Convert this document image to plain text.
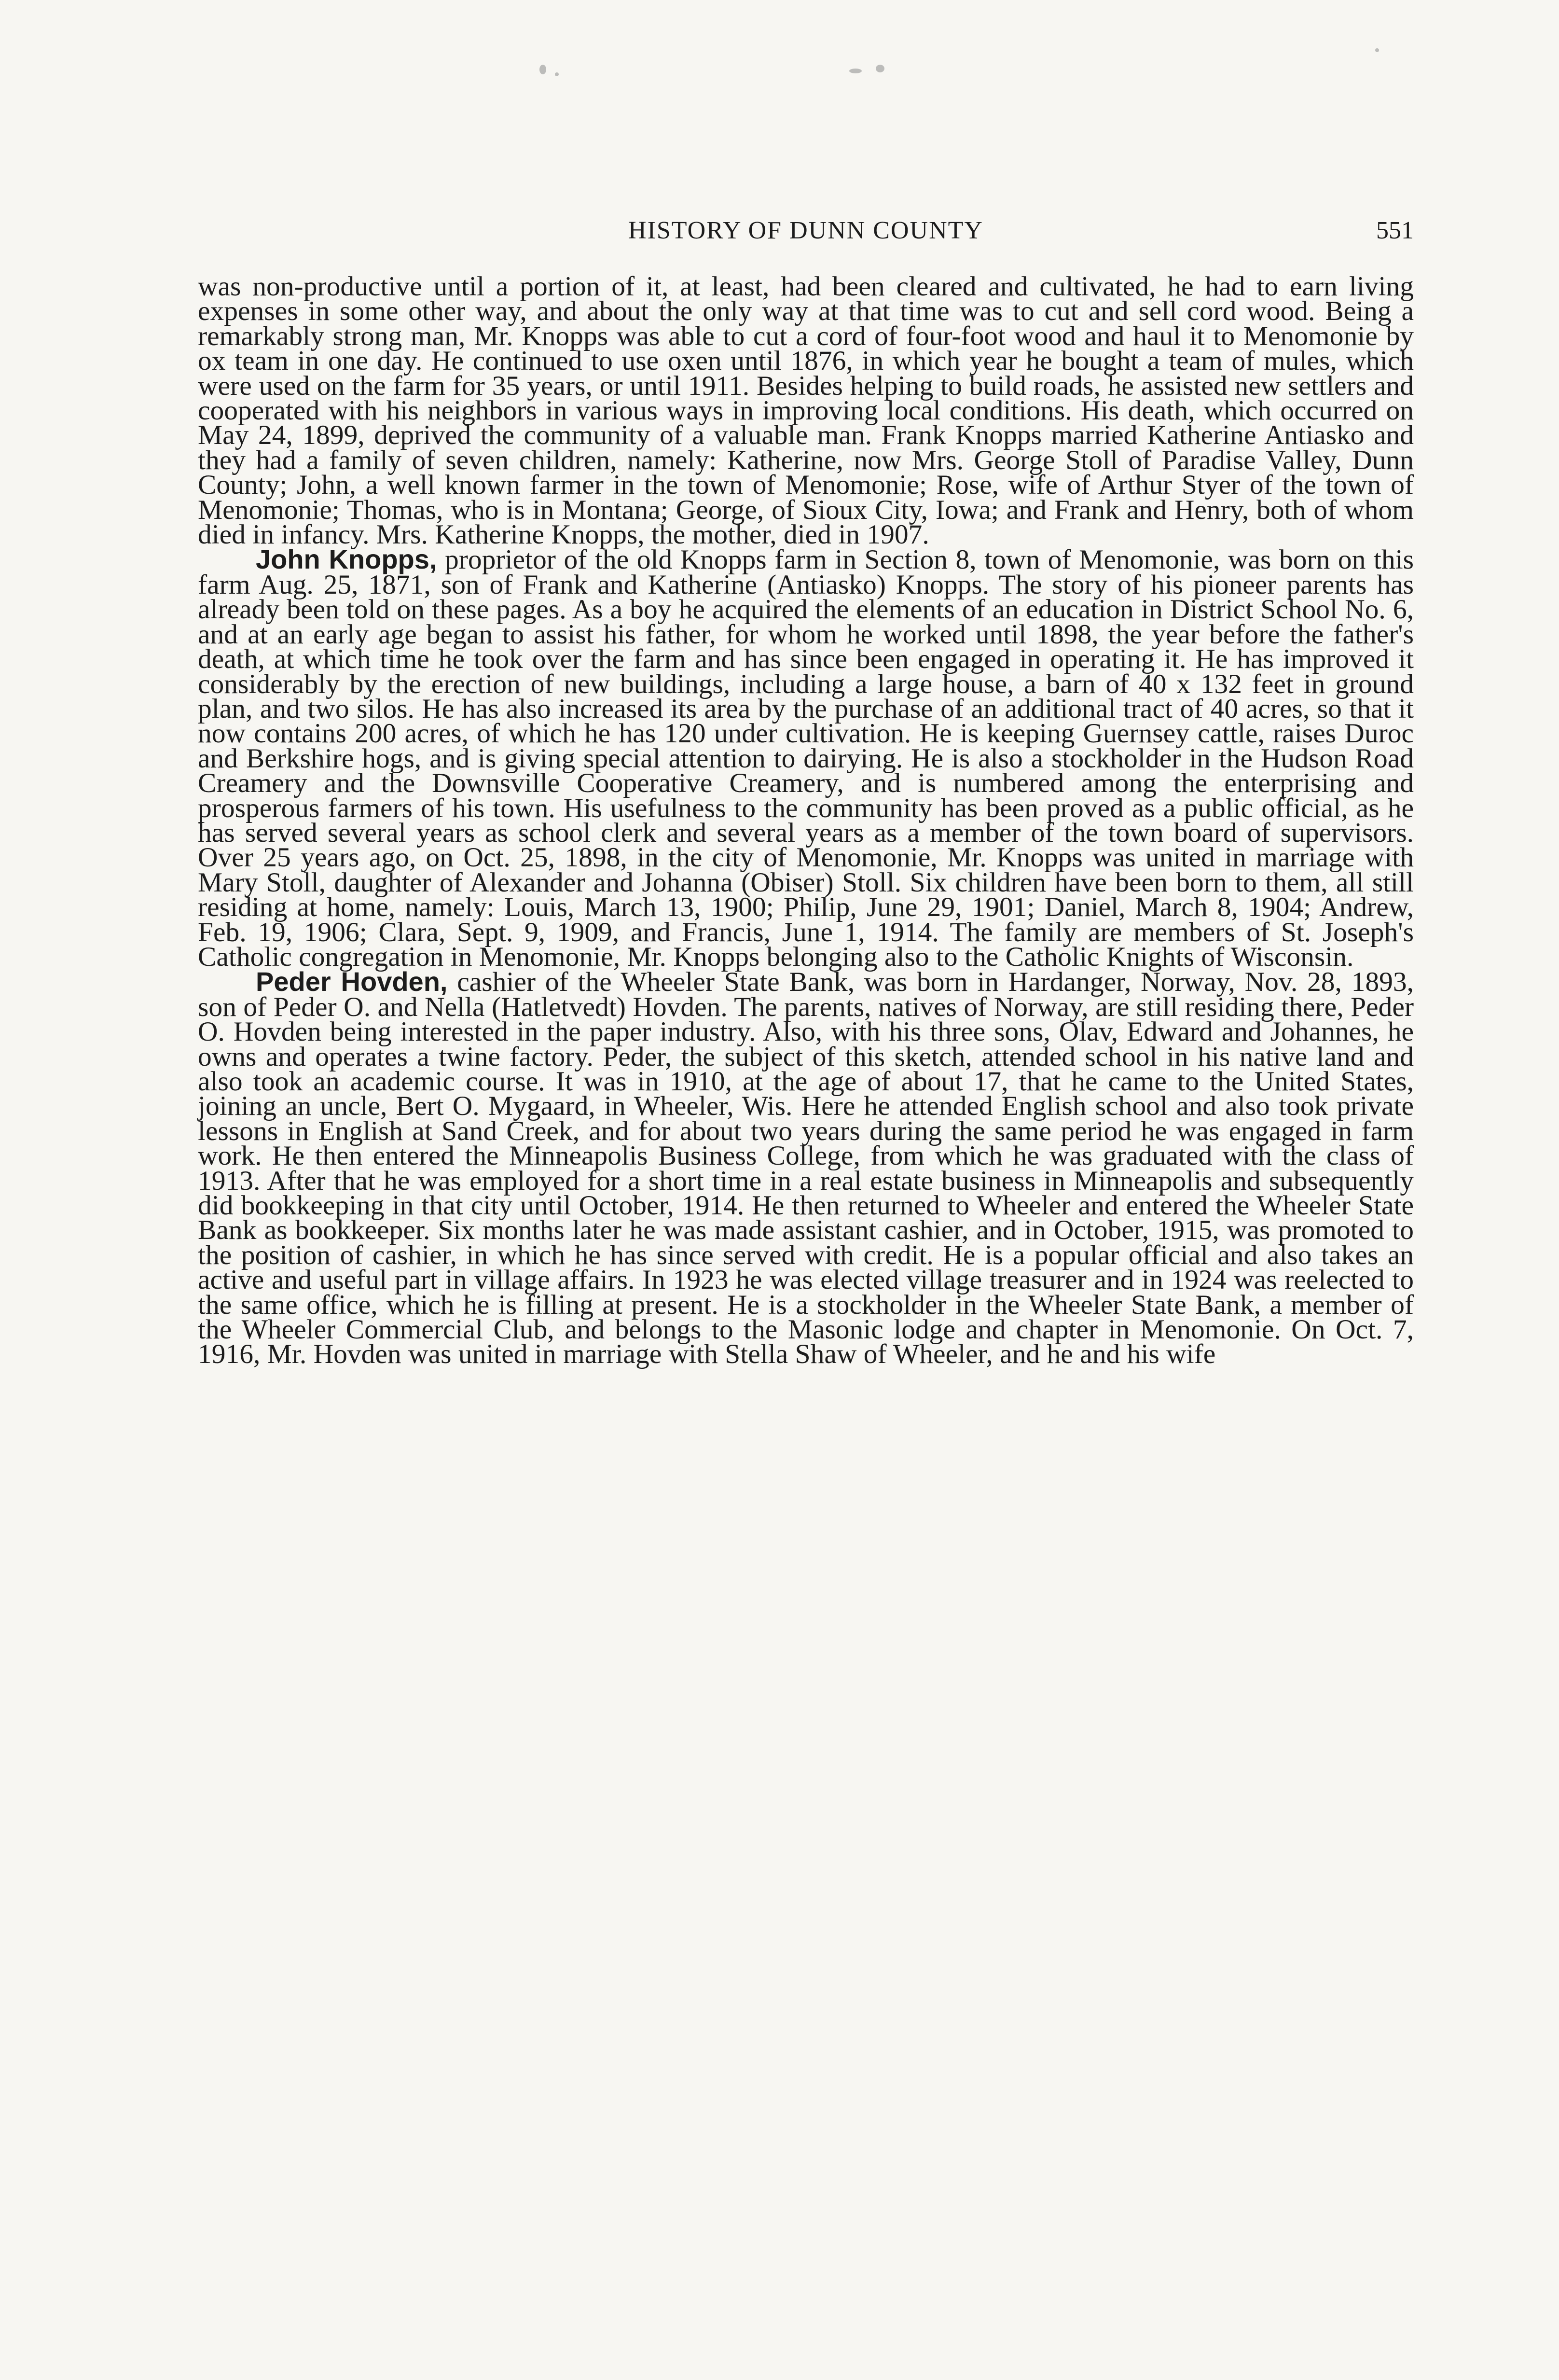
HISTORY OF DUNN COUNTY	551

was non-productive until a portion of it, at least, had been cleared and cultivated, he had to earn living expenses in some other way, and about the only way at that time was to cut and sell cord wood. Being a remarkably strong man, Mr. Knopps was able to cut a cord of four-foot wood and haul it to Menomonie by ox team in one day. He continued to use oxen until 1876, in which year he bought a team of mules, which were used on the farm for 35 years, or until 1911. Besides helping to build roads, he assisted new settlers and cooperated with his neighbors in various ways in improving local conditions. His death, which occurred on May 24, 1899, deprived the community of a valuable man. Frank Knopps married Katherine Antiasko and they had a family of seven children, namely: Katherine, now Mrs. George Stoll of Paradise Valley, Dunn County; John, a well known farmer in the town of Menomonie; Rose, wife of Arthur Styer of the town of Menomonie; Thomas, who is in Montana; George, of Sioux City, Iowa; and Frank and Henry, both of whom died in infancy. Mrs. Katherine Knopps, the mother, died in 1907.

John Knopps, proprietor of the old Knopps farm in Section 8, town of Menomonie, was born on this farm Aug. 25, 1871, son of Frank and Katherine (Antiasko) Knopps. The story of his pioneer parents has already been told on these pages. As a boy he acquired the elements of an education in District School No. 6, and at an early age began to assist his father, for whom he worked until 1898, the year before the father's death, at which time he took over the farm and has since been engaged in operating it. He has improved it considerably by the erection of new buildings, including a large house, a barn of 40 x 132 feet in ground plan, and two silos. He has also increased its area by the purchase of an additional tract of 40 acres, so that it now contains 200 acres, of which he has 120 under cultivation. He is keeping Guernsey cattle, raises Duroc and Berkshire hogs, and is giving special attention to dairying. He is also a stockholder in the Hudson Road Creamery and the Downsville Cooperative Creamery, and is numbered among the enterprising and prosperous farmers of his town. His usefulness to the community has been proved as a public official, as he has served several years as school clerk and several years as a member of the town board of supervisors. Over 25 years ago, on Oct. 25, 1898, in the city of Menomonie, Mr. Knopps was united in marriage with Mary Stoll, daughter of Alexander and Johanna (Obiser) Stoll. Six children have been born to them, all still residing at home, namely: Louis, March 13, 1900; Philip, June 29, 1901; Daniel, March 8, 1904; Andrew, Feb. 19, 1906; Clara, Sept. 9, 1909, and Francis, June 1, 1914. The family are members of St. Joseph's Catholic congregation in Menomonie, Mr. Knopps belonging also to the Catholic Knights of Wisconsin.

Peder Hovden, cashier of the Wheeler State Bank, was born in Hardanger, Norway, Nov. 28, 1893, son of Peder O. and Nella (Hatletvedt) Hovden. The parents, natives of Norway, are still residing there, Peder O. Hovden being interested in the paper industry. Also, with his three sons, Olav, Edward and Johannes, he owns and operates a twine factory. Peder, the subject of this sketch, attended school in his native land and also took an academic course. It was in 1910, at the age of about 17, that he came to the United States, joining an uncle, Bert O. Mygaard, in Wheeler, Wis. Here he attended English school and also took private lessons in English at Sand Creek, and for about two years during the same period he was engaged in farm work. He then entered the Minneapolis Business College, from which he was graduated with the class of 1913. After that he was employed for a short time in a real estate business in Minneapolis and subsequently did bookkeeping in that city until October, 1914. He then returned to Wheeler and entered the Wheeler State Bank as bookkeeper. Six months later he was made assistant cashier, and in October, 1915, was promoted to the position of cashier, in which he has since served with credit. He is a popular official and also takes an active and useful part in village affairs. In 1923 he was elected village treasurer and in 1924 was reelected to the same office, which he is filling at present. He is a stockholder in the Wheeler State Bank, a member of the Wheeler Commercial Club, and belongs to the Masonic lodge and chapter in Menomonie. On Oct. 7, 1916, Mr. Hovden was united in marriage with Stella Shaw of Wheeler, and he and his wife
